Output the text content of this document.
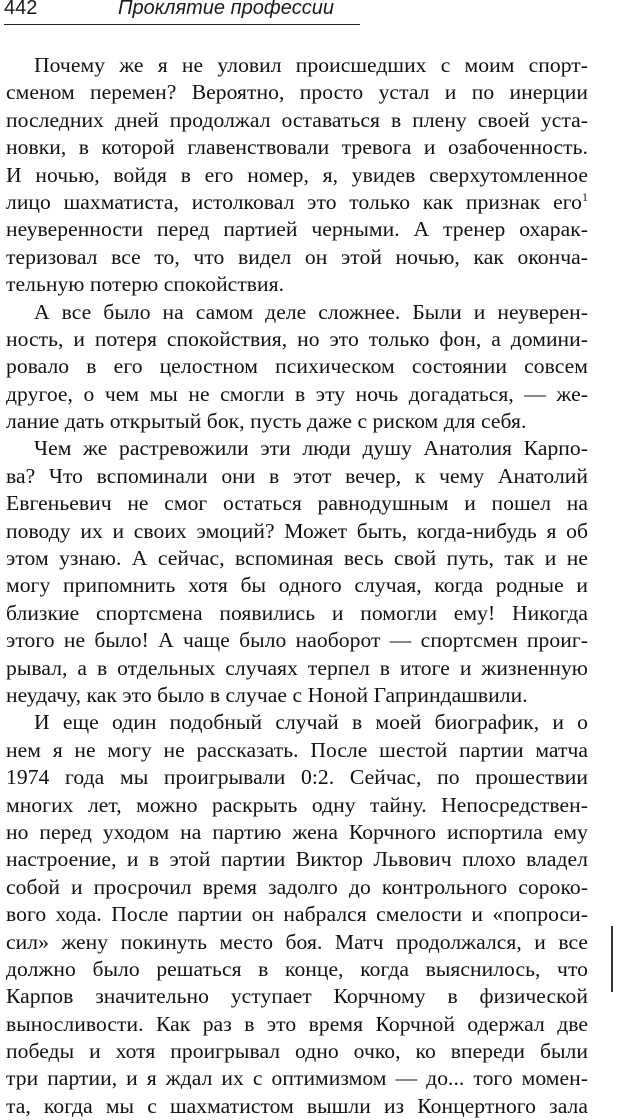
442	Проклятие профессии
Почему же я не уловил происшедших с моим спорт-
сменом перемен? Вероятно, просто устал и по инерции
последних дней продолжал оставаться в плену своей уста-
новки, в которой главенствовали тревога и озабоченность.
И ночью, войдя в его номер, я, увидев сверхутомленное
лицо шахматиста, истолковал это только как признак его$^1$
неуверенности перед партией черными. А тренер охарак-
теризовал все то, что видел он этой ночью, как оконча-
тельную потерю спокойствия.
А все было на самом деле сложнее. Были и неуверен-
ность, и потеря спокойствия, но это только фон, а домини-
ровало в его целостном психическом состоянии совсем
другое, о чем мы не смогли в эту ночь догадаться, — же-
лание дать открытый бок, пусть даже с риском для себя.
Чем же растревожили эти люди душу Анатолия Карпо-
ва? Что вспоминали они в этот вечер, к чему Анатолий
Евгеньевич не смог остаться равнодушным и пошел на
поводу их и своих эмоций? Может быть, когда-нибудь я об
этом узнаю. А сейчас, вспоминая весь свой путь, так и не
могу припомнить хотя бы одного случая, когда родные и
близкие спортсмена появились и помогли ему! Никогда
этого не было! А чаще было наоборот — спортсмен проиг-
рывал, а в отдельных случаях терпел в итоге и жизненную
неудачу, как это было в случае с Ноной Гаприндашвили.
И еще один подобный случай в моей биографик, и о
нем я не могу не рассказать. После шестой партии матча
1974 года мы проигрывали 0:2. Сейчас, по прошествии
многих лет, можно раскрыть одну тайну. Непосредствен-
но перед уходом на партию жена Корчного испортила ему
настроение, и в этой партии Виктор Львович плохо владел
собой и просрочил время задолго до контрольного сороко-
вого хода. После партии он набрался смелости и «попроси-
сил» жену покинуть место боя. Матч продолжался, и все
должно было решаться в конце, когда выяснилось, что
Карпов значительно уступает Корчному в физической
выносливости. Как раз в это время Корчной одержал две
победы и хотя проигрывал одно очко, ко впереди были
три партии, и я ждал их с оптимизмом — до... того момен-
та, когда мы с шахматистом вышли из Концертного зала
